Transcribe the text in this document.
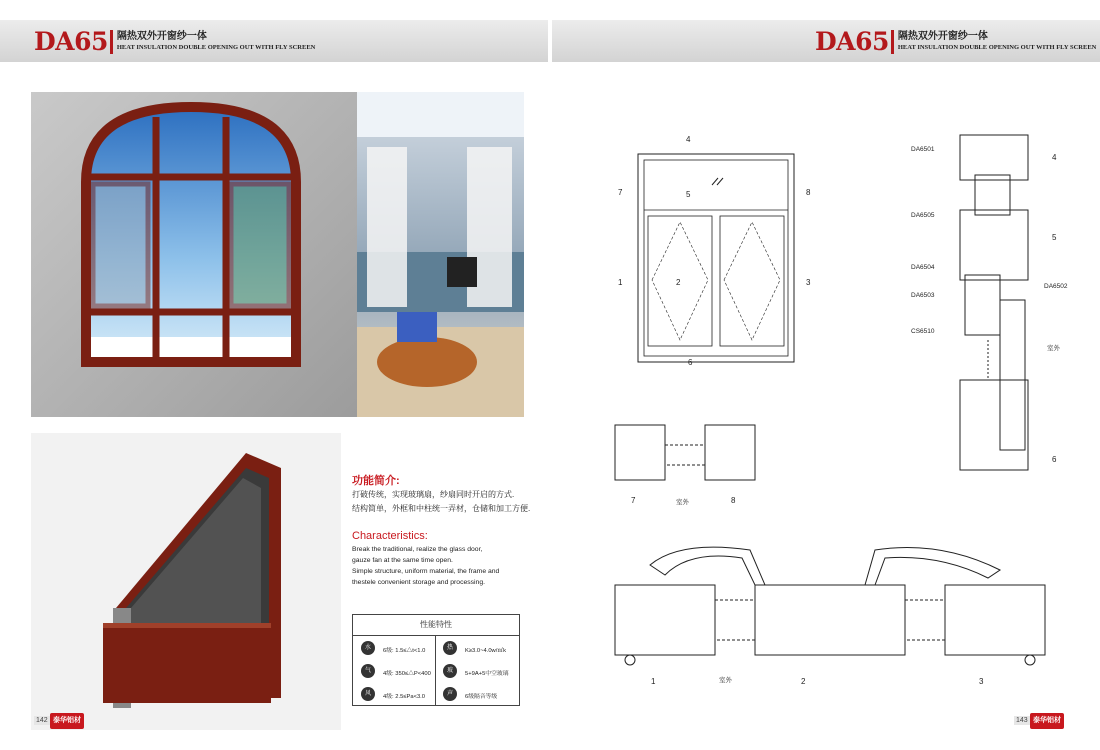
DA65 隔热双外开窗纱一体
HEAT INSULATION DOUBLE OPENING OUT WITH FLY SCREEN	DA65 隔热双外开窗纱一体
HEAT INSULATION DOUBLE OPENING OUT WITH FLY SCREEN
功能简介:
打破传统，实现玻璃扇，纱扇同时开启的方式.
结构简单，外框和中柱统一弄材，仓储和加工方便.
Characteristics:
Break the traditional, realize the glass door,
gauze fan at the same time open.
Simple structure, uniform material, the frame and
thestele convenient storage and processing.
性能特性
水	6级: 1.5≤△t<1.0	热	K≥3.0~4.0w/㎡k
气	4级: 350≤△P<400	玻	5+9A+5中空玻璃
风	4级: 2.5≤Pa<3.0	声	6级隔音等级
142 泰华铝材	143 泰华铝材
4
7	5	8
1	2	3
6
DA6501
DA6505
DA6504
DA6503
DA6502
CS6510
4
5
6
室外
7	室外	8
1	室外	2	3
